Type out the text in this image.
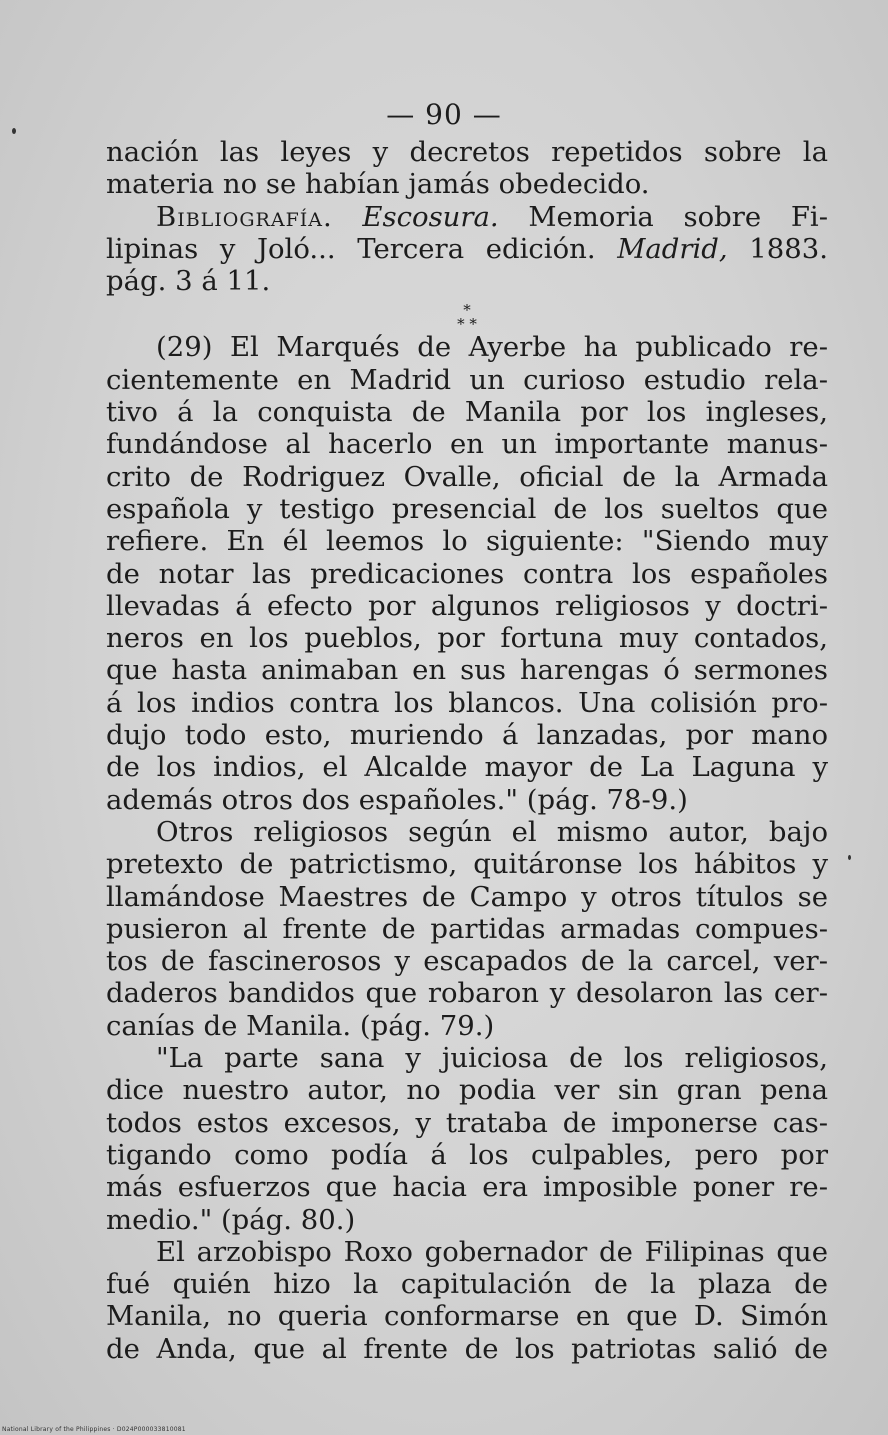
— 90 —
nación las leyes y decretos repetidos sobre la
materia no se habían jamás obedecido.
Bibliografía. Escosura. Memoria sobre Fi-
lipinas y Joló... Tercera edición. Madrid, 1883.
pág. 3 á 11.
*
* *
(29) El Marqués de Ayerbe ha publicado re-
cientemente en Madrid un curioso estudio rela-
tivo á la conquista de Manila por los ingleses,
fundándose al hacerlo en un importante manus-
crito de Rodriguez Ovalle, oficial de la Armada
española y testigo presencial de los sueltos que
refiere. En él leemos lo siguiente: "Siendo muy
de notar las predicaciones contra los españoles
llevadas á efecto por algunos religiosos y doctri-
neros en los pueblos, por fortuna muy contados,
que hasta animaban en sus harengas ó sermones
á los indios contra los blancos. Una colisión pro-
dujo todo esto, muriendo á lanzadas, por mano
de los indios, el Alcalde mayor de La Laguna y
además otros dos españoles." (pág. 78-9.)
Otros religiosos según el mismo autor, bajo
pretexto de patrictismo, quitáronse los hábitos y
llamándose Maestres de Campo y otros títulos se
pusieron al frente de partidas armadas compues-
tos de fascinerosos y escapados de la carcel, ver-
daderos bandidos que robaron y desolaron las cer-
canías de Manila. (pág. 79.)
"La parte sana y juiciosa de los religiosos,
dice nuestro autor, no podia ver sin gran pena
todos estos excesos, y trataba de imponerse cas-
tigando como podía á los culpables, pero por
más esfuerzos que hacia era imposible poner re-
medio." (pág. 80.)
El arzobispo Roxo gobernador de Filipinas que
fué quién hizo la capitulación de la plaza de
Manila, no queria conformarse en que D. Simón
de Anda, que al frente de los patriotas salió de
National Library of the Philippines · D024P000033810081
